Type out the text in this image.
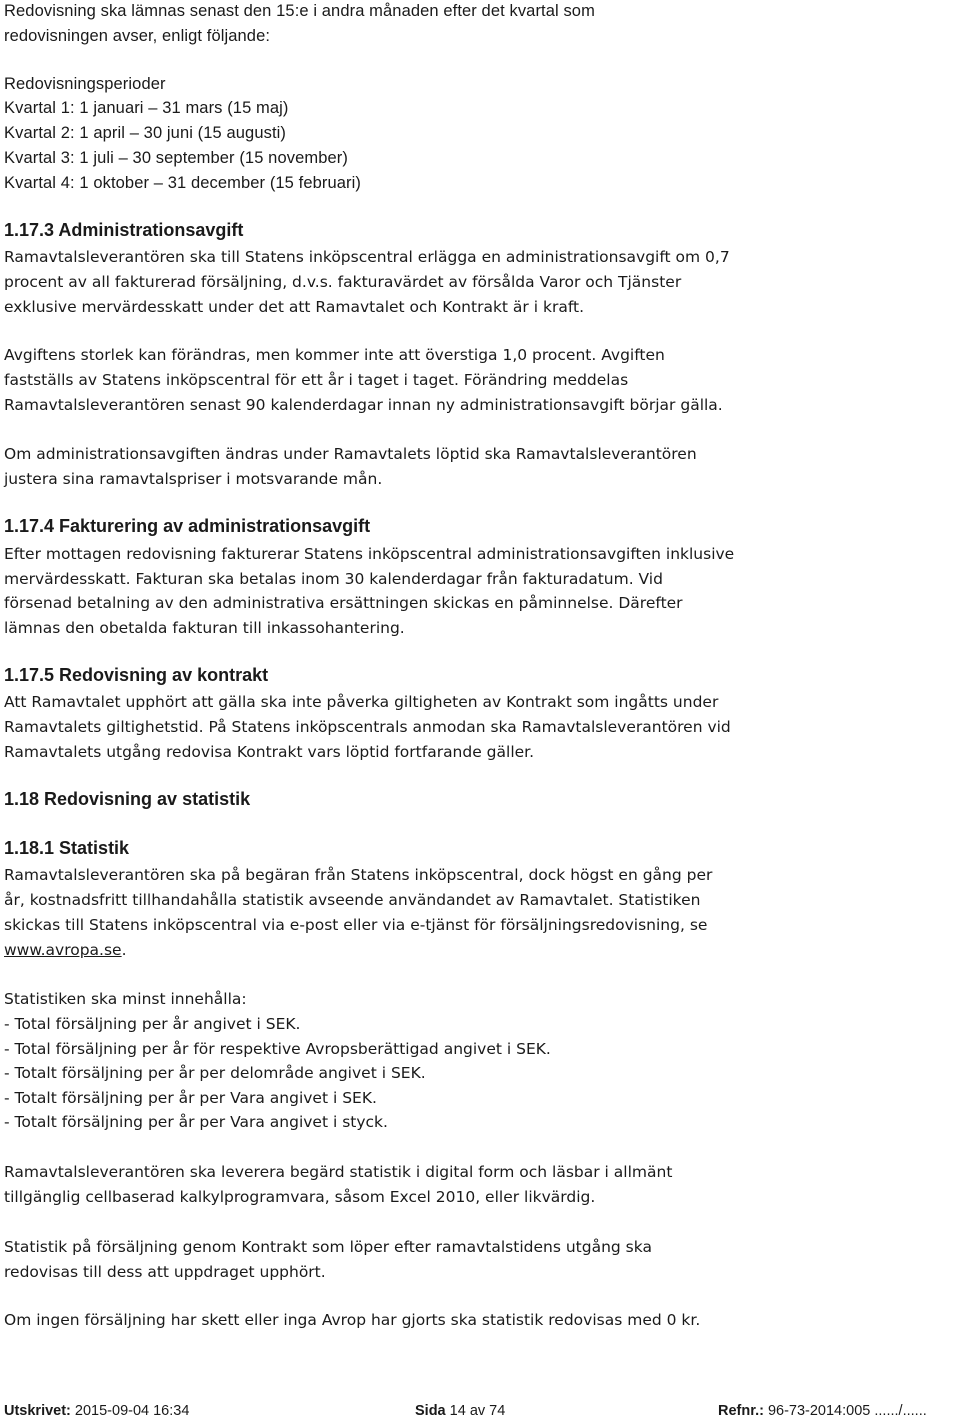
Redovisning ska lämnas senast den 15:e i andra månaden efter det kvartal som
redovisningen avser, enligt följande:
Redovisningsperioder
Kvartal 1: 1 januari – 31 mars (15 maj)
Kvartal 2: 1 april – 30 juni (15 augusti)
Kvartal 3: 1 juli – 30 september (15 november)
Kvartal 4: 1 oktober – 31 december (15 februari)
1.17.3 Administrationsavgift
Ramavtalsleverantören ska till Statens inköpscentral erlägga en administrationsavgift om 0,7
procent av all fakturerad försäljning, d.v.s. fakturavärdet av försålda Varor och Tjänster
exklusive mervärdesskatt under det att Ramavtalet och Kontrakt är i kraft.
Avgiftens storlek kan förändras, men kommer inte att överstiga 1,0 procent. Avgiften
fastställs av Statens inköpscentral för ett år i taget i taget. Förändring meddelas
Ramavtalsleverantören senast 90 kalenderdagar innan ny administrationsavgift börjar gälla.
Om administrationsavgiften ändras under Ramavtalets löptid ska Ramavtalsleverantören
justera sina ramavtalspriser i motsvarande mån.
1.17.4 Fakturering av administrationsavgift
Efter mottagen redovisning fakturerar Statens inköpscentral administrationsavgiften inklusive
mervärdesskatt. Fakturan ska betalas inom 30 kalenderdagar från fakturadatum. Vid
försenad betalning av den administrativa ersättningen skickas en påminnelse. Därefter
lämnas den obetalda fakturan till inkassohantering.
1.17.5 Redovisning av kontrakt
Att Ramavtalet upphört att gälla ska inte påverka giltigheten av Kontrakt som ingåtts under
Ramavtalets giltighetstid. På Statens inköpscentrals anmodan ska Ramavtalsleverantören vid
Ramavtalets utgång redovisa Kontrakt vars löptid fortfarande gäller.
1.18 Redovisning av statistik
1.18.1 Statistik
Ramavtalsleverantören ska på begäran från Statens inköpscentral, dock högst en gång per
år, kostnadsfritt tillhandahålla statistik avseende användandet av Ramavtalet. Statistiken
skickas till Statens inköpscentral via e-post eller via e-tjänst för försäljningsredovisning, se
www.avropa.se.
Statistiken ska minst innehålla:
- Total försäljning per år angivet i SEK.
- Total försäljning per år för respektive Avropsberättigad angivet i SEK.
- Totalt försäljning per år per delområde angivet i SEK.
- Totalt försäljning per år per Vara angivet i SEK.
- Totalt försäljning per år per Vara angivet i styck.
Ramavtalsleverantören ska leverera begärd statistik i digital form och läsbar i allmänt
tillgänglig cellbaserad kalkylprogramvara, såsom Excel 2010, eller likvärdig.
Statistik på försäljning genom Kontrakt som löper efter ramavtalstidens utgång ska
redovisas till dess att uppdraget upphört.
Om ingen försäljning har skett eller inga Avrop har gjorts ska statistik redovisas med 0 kr.
Utskrivet: 2015-09-04 16:34	Sida 14 av 74	Refnr.: 96-73-2014:005 ....../......
